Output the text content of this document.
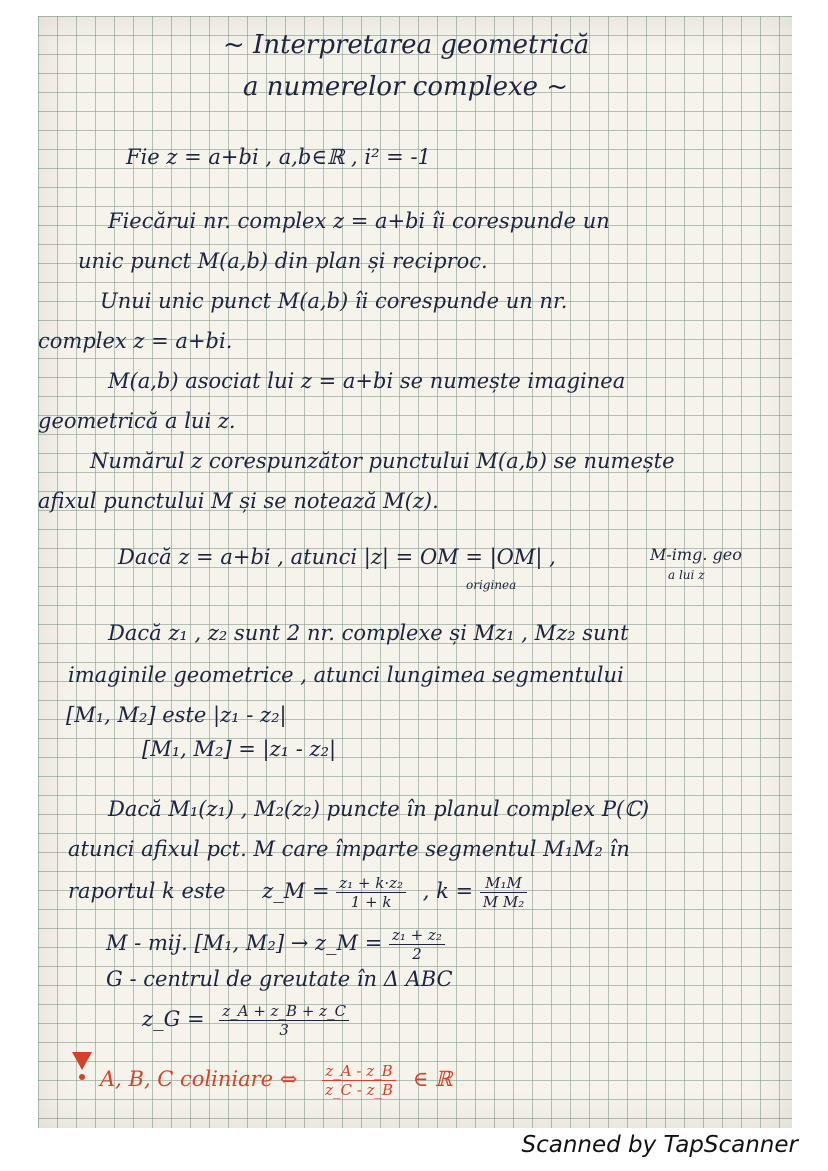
~ Interpretarea geometrică
a numerelor complexe ~
Fie z = a+bi , a,b∈ℝ , i² = -1
Fiecărui nr. complex z = a+bi îi corespunde un
unic punct M(a,b) din plan și reciproc.
Unui unic punct M(a,b) îi corespunde un nr.
complex z = a+bi.
M(a,b) asociat lui z = a+bi se numește imaginea
geometrică a lui z.
Numărul z corespunzător punctului M(a,b) se numește
afixul punctului M și se notează M(z).
Dacă z = a+bi , atunci |z| = OM = |OM| ,	M-img. geo
a lui z
originea
Dacă z₁ , z₂ sunt 2 nr. complexe și Mz₁ , Mz₂ sunt
imaginile geometrice , atunci lungimea segmentului
[M₁, M₂] este |z₁ - z₂|
[M₁, M₂] = |z₁ - z₂|
Dacă M₁(z₁) , M₂(z₂) puncte în planul complex P(ℂ)
atunci afixul pct. M care împarte segmentul M₁M₂ în
raportul k este z_M = $\frac{\text{z₁ + k·z₂}}{1 + k}$ , $k = \frac{\text{M₁M}}{\text{M M₂}}$
M - mij. [M₁, M₂] → z_M = $\frac{\text{z₁ + z₂}}{2}$
G - centrul de greutate în Δ ABC
z_G = $\frac{z\_A + z\_B + z\_C}{3}$
A, B, C coliniare ⇔ $\frac{z\_A - z\_B}{z\_C - z\_B}$ ∈ ℝ
Scanned by TapScanner
